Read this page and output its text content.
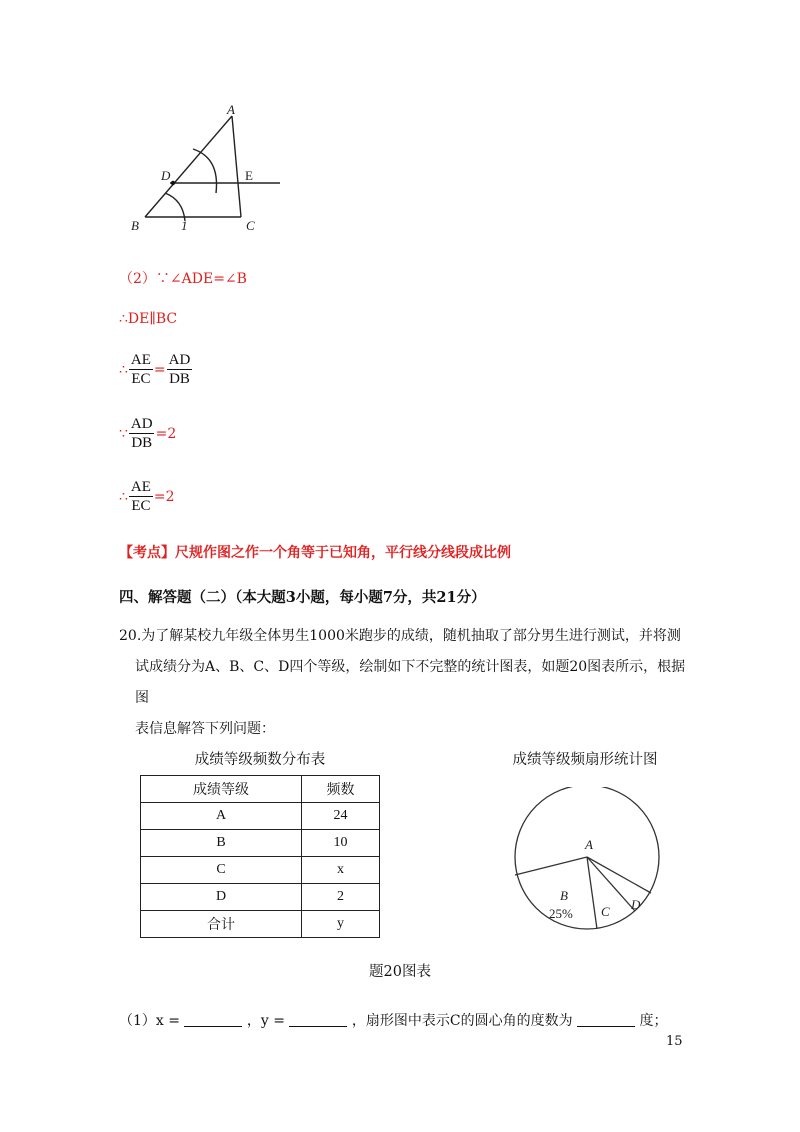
A
D
B	C
1
E
（2）∵∠ADE=∠B
∴DE∥BC
∴ $\frac{AE}{EC} = \frac{AD}{DB}$
∵ $\frac{AD}{DB} =2$
∴ $\frac{AE}{EC} =2$
【考点】尺规作图之作一个角等于已知角，平行线分线段成比例
四、解答题（二）（本大题3小题，每小题7分，共21分）
20.为了解某校九年级全体男生1000米跑步的成绩，随机抽取了部分男生进行测试，并将测
试成绩分为A、B、C、D四个等级，绘制如下不完整的统计图表，如题20图表所示，根据图
表信息解答下列问题：
成绩等级频数分布表
成绩等级	频数
A	24
B	10
C	x
D	2
合计	y
成绩等级频扇形统计图
A
B
C D
25%
题20图表
（1）x =	，y =	，扇形图中表示C的圆心角的度数为	度；
15
